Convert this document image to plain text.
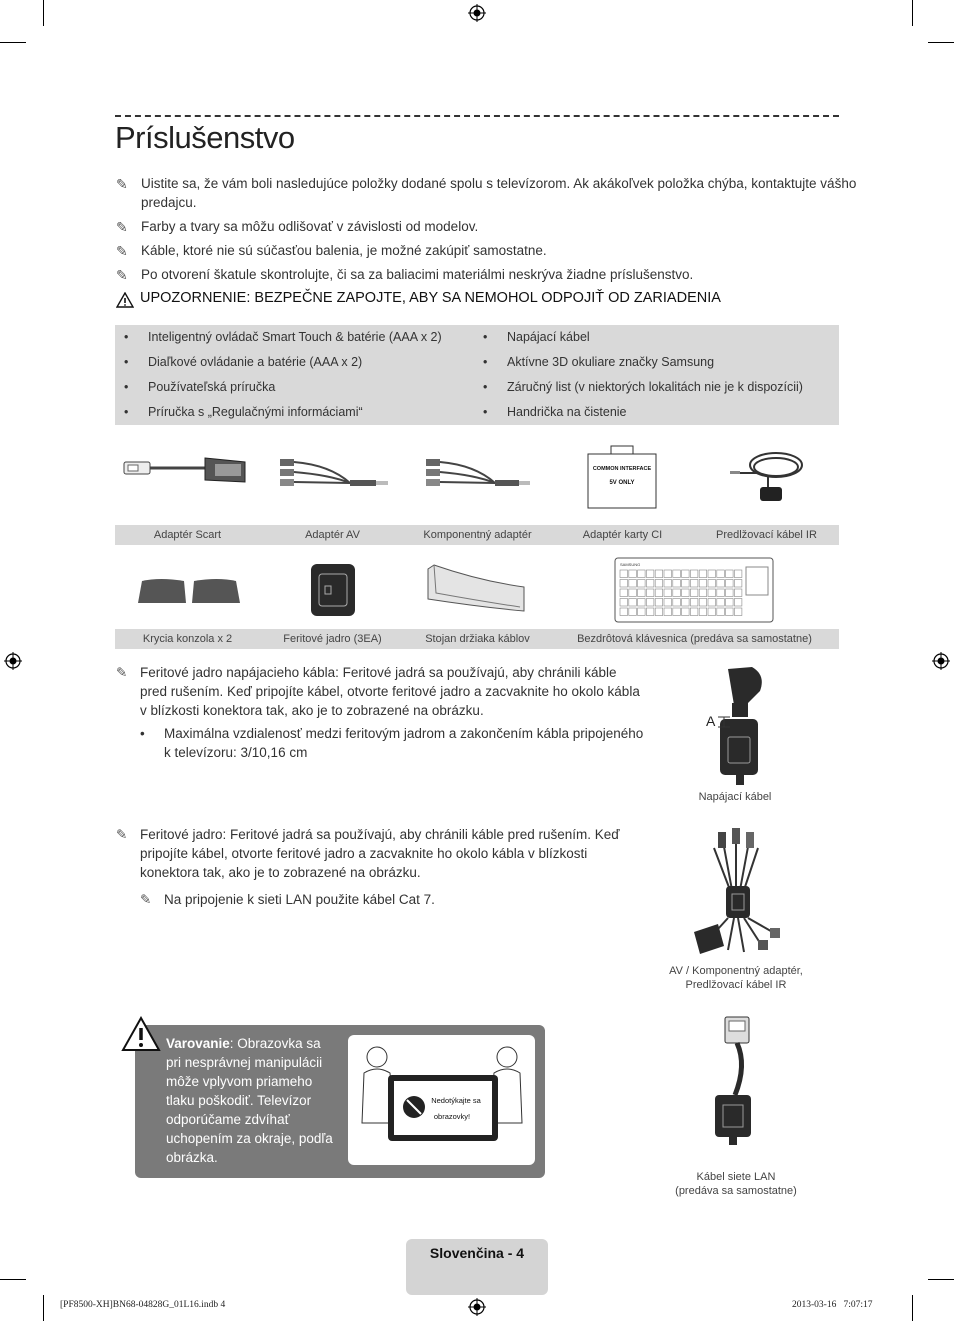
Príslušenstvo
✎ Uistite sa, že vám boli nasledujúce položky dodané spolu s televízorom. Ak akákoľvek položka chýba, kontaktujte vášho
predajcu.
✎ Farby a tvary sa môžu odlišovať v závislosti od modelov.
✎ Káble, ktoré nie sú súčasťou balenia, je možné zakúpiť samostatne.
✎ Po otvorení škatule skontrolujte, či sa za baliacimi materiálmi neskrýva žiadne príslušenstvo.
UPOZORNENIE: BEZPEČNE ZAPOJTE, ABY SA NEMOHOL ODPOJIŤ OD ZARIADENIA
• Inteligentný ovládač Smart Touch & batérie (AAA x 2)
• Diaľkové ovládanie a batérie (AAA x 2)
• Používateľská príručka
• Príručka s „Regulačnými informáciami“
• Napájací kábel
• Aktívne 3D okuliare značky Samsung
• Záručný list (v niektorých lokalitách nie je k dispozícii)
• Handrička na čistenie
COMMON INTERFACE
5V ONLY
Adaptér Scart	Adaptér AV	Komponentný adaptér	Adaptér karty CI	Predlžovací kábel IR
SAMSUNG
Krycia konzola x 2	Feritové jadro (3EA)	Stojan držiaka káblov	Bezdrôtová klávesnica (predáva sa samostatne)
✎ Feritové jadro napájacieho kábla: Feritové jadrá sa používajú, aby chránili káble
pred rušením. Keď pripojíte kábel, otvorte feritové jadro a zacvaknite ho okolo kábla
v blízkosti konektora tak, ako je to zobrazené na obrázku.
• Maximálna vzdialenosť medzi feritovým jadrom a zakončením kábla pripojeného
k televízoru: 3/10,16 cm
A
Napájací kábel
✎ Feritové jadro: Feritové jadrá sa používajú, aby chránili káble pred rušením. Keď
pripojíte kábel, otvorte feritové jadro a zacvaknite ho okolo kábla v blízkosti
konektora tak, ako je to zobrazené na obrázku.
✎ Na pripojenie k sieti LAN použite kábel Cat 7.
AV / Komponentný adaptér,
Predlžovací kábel IR
Varovanie: Obrazovka sa
pri nesprávnej manipulácii
môže vplyvom priameho
tlaku poškodiť. Televízor
odporúčame zdvíhať
uchopením za okraje, podľa
obrázka.
Nedotýkajte sa
obrazovky!
Kábel siete LAN
(predáva sa samostatne)
Slovenčina - 4
[PF8500-XH]BN68-04828G_01L16.indb 4	2013-03-16   7:07:17
